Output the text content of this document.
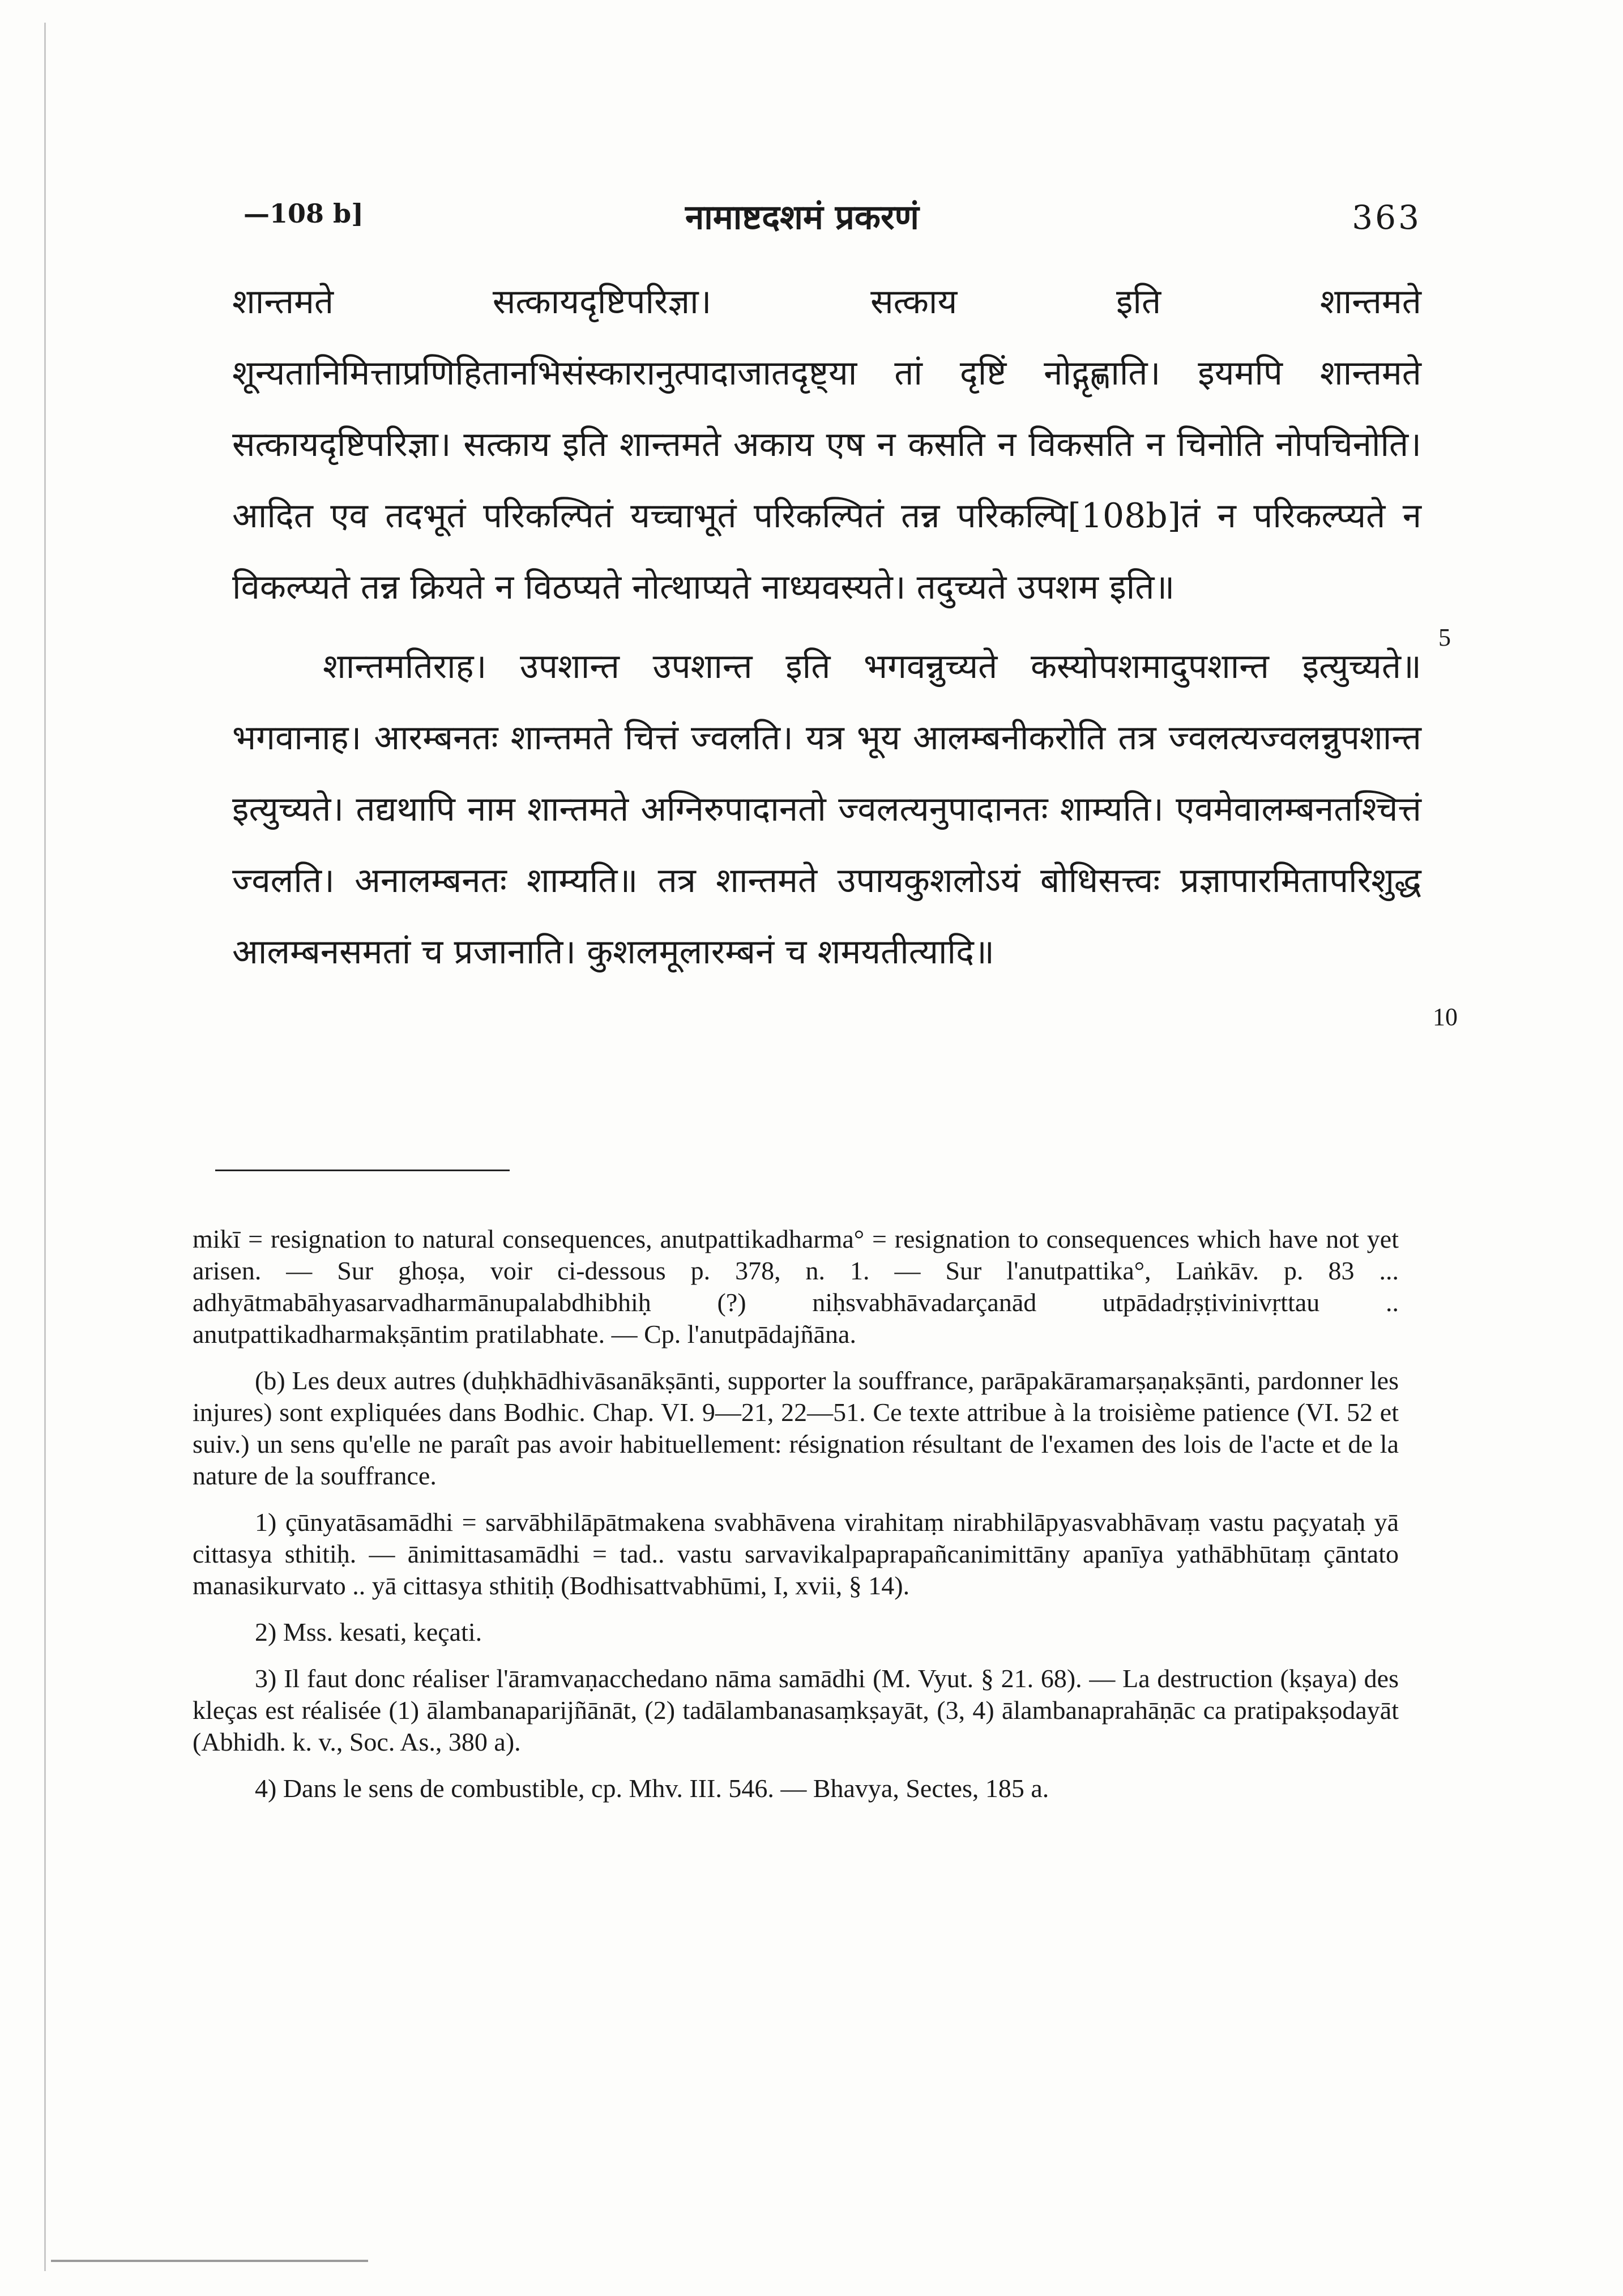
—108 b]	नामाष्टदशमं प्रकरणं	363

शान्तमते सत्कायदृष्टिपरिज्ञा। सत्काय इति शान्तमते शून्यतानिमित्ताप्रणिहितानभिसंस्कारानुत्पादाजातदृष्ट्या तां दृष्टिं नोद्गृह्णाति। इयमपि शान्तमते सत्कायदृष्टिपरिज्ञा। सत्काय इति शान्तमते अकाय एष न कसति न विकसति न चिनोति नोपचिनोति। आदित एव तदभूतं परिकल्पितं यच्चाभूतं परिकल्पितं तन्न परिकल्पि[108b]तं न परिकल्प्यते न विकल्प्यते तन्न क्रियते न विठप्यते नोत्थाप्यते नाध्यवस्यते। तदुच्यते उपशम इति॥

शान्तमतिराह। उपशान्त उपशान्त इति भगवन्नुच्यते कस्योपशमादुपशान्त इत्युच्यते॥ भगवानाह। आरम्बनतः शान्तमते चित्तं ज्वलति। यत्र भूय आलम्बनीकरोति तत्र ज्वलत्यज्वलन्नुपशान्त इत्युच्यते। तद्यथापि नाम शान्तमते अग्निरुपादानतो ज्वलत्यनुपादानतः शाम्यति। एवमेवालम्बनतश्चित्तं ज्वलति। अनालम्बनतः शाम्यति॥ तत्र शान्तमते उपायकुशलोऽयं बोधिसत्त्वः प्रज्ञापारमितापरिशुद्ध आलम्बनसमतां च प्रजानाति। कुशलमूलारम्बनं च शमयतीत्यादि॥

5
10

mikī = resignation to natural consequences, anutpattikadharma° = resignation to consequences which have not yet arisen. — Sur ghoṣa, voir ci-dessous p. 378, n. 1. — Sur l'anutpattika°, Laṅkāv. p. 83 ... adhyātmabāhyasarvadharmānupalabdhibhiḥ (?) niḥsvabhāvadarçanād utpādadṛṣṭivinivṛttau .. anutpattikadharmakṣāntim pratilabhate. — Cp. l'anutpādajñāna.

(b) Les deux autres (duḥkhādhivāsanākṣānti, supporter la souffrance, parāpakāramarṣaṇakṣānti, pardonner les injures) sont expliquées dans Bodhic. Chap. VI. 9—21, 22—51. Ce texte attribue à la troisième patience (VI. 52 et suiv.) un sens qu'elle ne paraît pas avoir habituellement: résignation résultant de l'examen des lois de l'acte et de la nature de la souffrance.

1) çūnyatāsamādhi = sarvābhilāpātmakena svabhāvena virahitaṃ nirabhilāpyasvabhāvaṃ vastu paçyataḥ yā cittasya sthitiḥ. — ānimittasamādhi = tad.. vastu sarvavikalpaprapañcanimittāny apanīya yathābhūtaṃ çāntato manasikurvato .. yā cittasya sthitiḥ (Bodhisattvabhūmi, I, xvii, § 14).

2) Mss. kesati, keçati.

3) Il faut donc réaliser l'āramvaṇacchedano nāma samādhi (M. Vyut. § 21. 68). — La destruction (kṣaya) des kleças est réalisée (1) ālambanaparijñānāt, (2) tadālambanasaṃkṣayāt, (3, 4) ālambanaprahāṇāc ca pratipakṣodayāt (Abhidh. k. v., Soc. As., 380 a).

4) Dans le sens de combustible, cp. Mhv. III. 546. — Bhavya, Sectes, 185 a.
